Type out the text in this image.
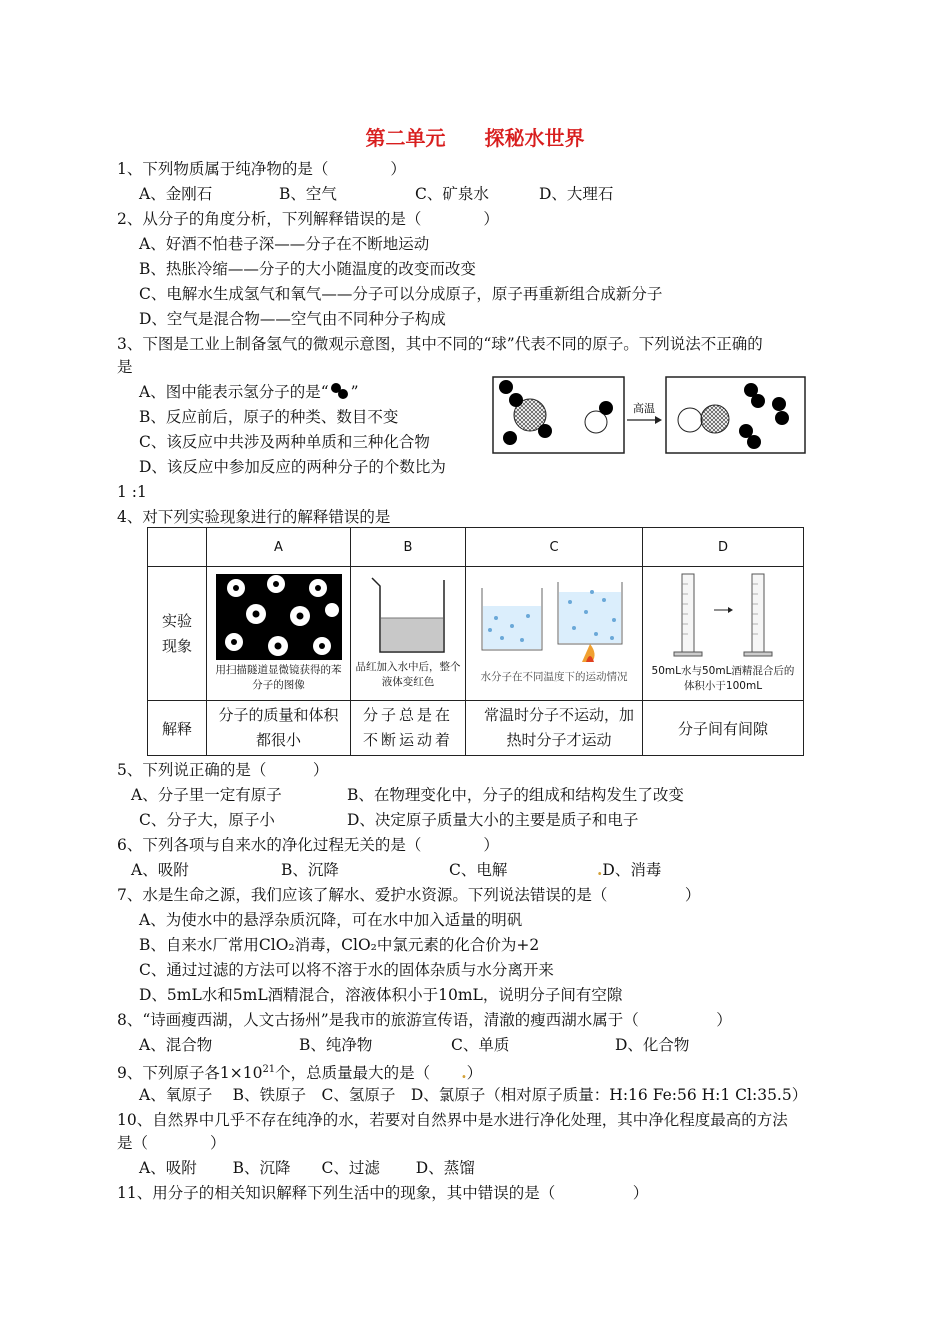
第二单元 探秘水世界
1、下列物质属于纯净物的是（　　　　）
A、金刚石	B、空气	C、矿泉水	D、大理石
2、从分子的角度分析，下列解释错误的是（　　　　）
A、好酒不怕巷子深——分子在不断地运动
B、热胀冷缩——分子的大小随温度的改变而改变
C、电解水生成氢气和氧气——分子可以分成原子，原子再重新组合成新分子
D、空气是混合物——空气由不同种分子构成
3、下图是工业上制备氢气的微观示意图，其中不同的“球”代表不同的原子。下列说法不正确的
是
A、图中能表示氢分子的是“ ”
B、反应前后，原子的种类、数目不变
C、该反应中共涉及两种单质和三种化合物
D、该反应中参加反应的两种分子的个数比为
1 :1
高温
4、对下列实验现象进行的解释错误的是
	A	B	C	D

实验现象	用扫描隧道显微镜获得的苯分子的图像	品红加入水中后，整个液体变红色	水分子在不同温度下的运动情况	50mL水与50mL酒精混合后的体积小于100mL

解释	分子的质量和体积都很小	分子总是在不断运动着	常温时分子不运动，加热时分子才运动	分子间有间隙
5、下列说正确的是（　　　）
A、分子里一定有原子	B、在物理变化中，分子的组成和结构发生了改变
C、分子大，原子小	D、决定原子质量大小的主要是质子和电子
6、下列各项与自来水的净化过程无关的是（　　　　）
A、吸附	B、沉降	C、电解	.D、消毒
7、水是生命之源，我们应该了解水、爱护水资源。下列说法错误的是（　　　　　）
A、为使水中的悬浮杂质沉降，可在水中加入适量的明矾
B、自来水厂常用ClO₂消毒，ClO₂中氯元素的化合价为+2
C、通过过滤的方法可以将不溶于水的固体杂质与水分离开来
D、5mL水和5mL酒精混合，溶液体积小于10mL，说明分子间有空隙
8、“诗画瘦西湖，人文古扬州”是我市的旅游宣传语，清澈的瘦西湖水属于（　　　　　）
A、混合物	B、纯净物	C、单质	D、化合物
9、下列原子各$1\times 10^{21}$个，总质量最大的是（　　.）
A、氧原子　 B、铁原子　C、氢原子　D、氯原子（相对原子质量：H:16 Fe:56 H:1 Cl:35.5）
10、自然界中几乎不存在纯净的水，若要对自然界中是水进行净化处理，其中净化程度最高的方法
是（　　　　）
A、吸附　　 B、沉降　　C、过滤　　 D、蒸馏
11、用分子的相关知识解释下列生活中的现象，其中错误的是（　　　　　）
